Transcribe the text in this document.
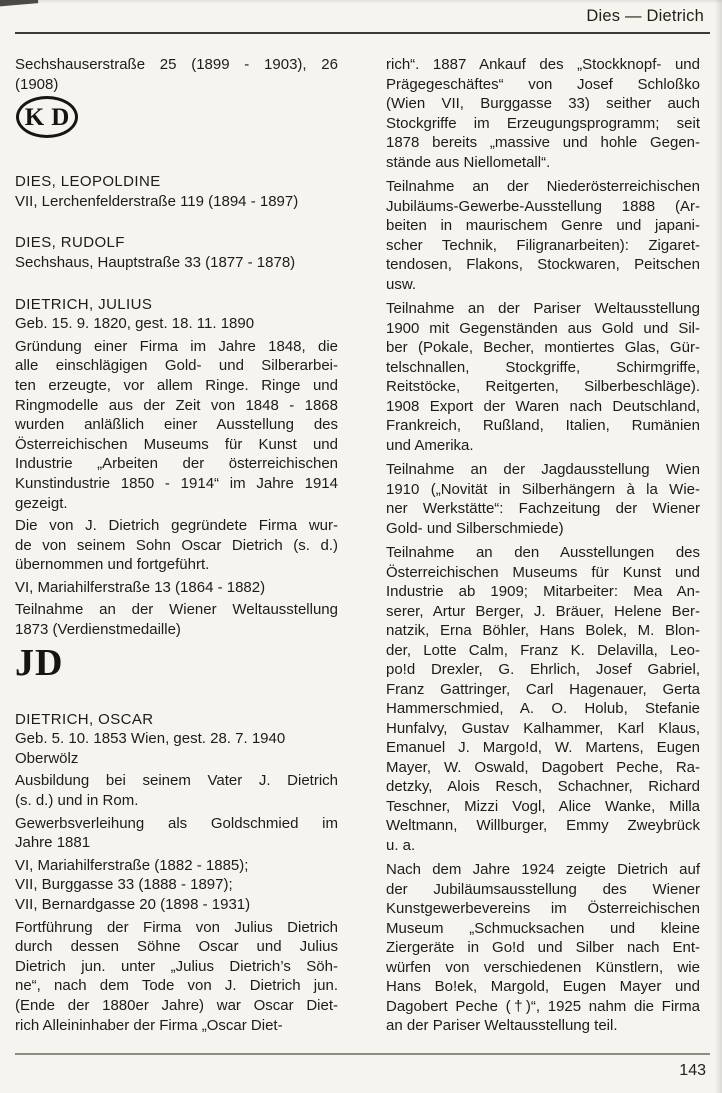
Dies — Dietrich
Sechshauserstraße 25 (1899 - 1903), 26
(1908)
KD
DIES, LEOPOLDINE
VII, Lerchenfelderstraße 119 (1894 - 1897)
DIES, RUDOLF
Sechshaus, Hauptstraße 33 (1877 - 1878)
DIETRICH, JULIUS
Geb. 15. 9. 1820, gest. 18. 11. 1890
Gründung einer Firma im Jahre 1848, die
alle einschlägigen Gold- und Silberarbei-
ten erzeugte, vor allem Ringe. Ringe und
Ringmodelle aus der Zeit von 1848 - 1868
wurden anläßlich einer Ausstellung des
Österreichischen Museums für Kunst und
Industrie „Arbeiten der österreichischen
Kunstindustrie 1850 - 1914“ im Jahre 1914
gezeigt.
Die von J. Dietrich gegründete Firma wur-
de von seinem Sohn Oscar Dietrich (s. d.)
übernommen und fortgeführt.
VI, Mariahilferstraße 13 (1864 - 1882)
Teilnahme an der Wiener Weltausstellung
1873 (Verdienstmedaille)
JD
DIETRICH, OSCAR
Geb. 5. 10. 1853 Wien, gest. 28. 7. 1940
Oberwölz
Ausbildung bei seinem Vater J. Dietrich
(s. d.) und in Rom.
Gewerbsverleihung als Goldschmied im
Jahre 1881
VI, Mariahilferstraße (1882 - 1885);
VII, Burggasse 33 (1888 - 1897);
VII, Bernardgasse 20 (1898 - 1931)
Fortführung der Firma von Julius Dietrich
durch dessen Söhne Oscar und Julius
Dietrich jun. unter „Julius Dietrich’s Söh-
ne“, nach dem Tode von J. Dietrich jun.
(Ende der 1880er Jahre) war Oscar Diet-
rich Alleininhaber der Firma „Oscar Diet-
rich“. 1887 Ankauf des „Stockknopf- und
Prägegeschäftes“ von Josef Schloßko
(Wien VII, Burggasse 33) seither auch
Stockgriffe im Erzeugungsprogramm; seit
1878 bereits „massive und hohle Gegen-
stände aus Niellometall“.
Teilnahme an der Niederösterreichischen
Jubiläums-Gewerbe-Ausstellung 1888 (Ar-
beiten in maurischem Genre und japani-
scher Technik, Filigranarbeiten): Zigaret-
tendosen, Flakons, Stockwaren, Peitschen
usw.
Teilnahme an der Pariser Weltausstellung
1900 mit Gegenständen aus Gold und Sil-
ber (Pokale, Becher, montiertes Glas, Gür-
telschnallen, Stockgriffe, Schirmgriffe,
Reitstöcke, Reitgerten, Silberbeschläge).
1908 Export der Waren nach Deutschland,
Frankreich, Rußland, Italien, Rumänien
und Amerika.
Teilnahme an der Jagdausstellung Wien
1910 („Novität in Silberhängern à la Wie-
ner Werkstätte“: Fachzeitung der Wiener
Gold- und Silberschmiede)
Teilnahme an den Ausstellungen des
Österreichischen Museums für Kunst und
Industrie ab 1909; Mitarbeiter: Mea An-
serer, Artur Berger, J. Bräuer, Helene Ber-
natzik, Erna Böhler, Hans Bolek, M. Blon-
der, Lotte Calm, Franz K. Delavilla, Leo-
po!d Drexler, G. Ehrlich, Josef Gabriel,
Franz Gattringer, Carl Hagenauer, Gerta
Hammerschmied, A. O. Holub, Stefanie
Hunfalvy, Gustav Kalhammer, Karl Klaus,
Emanuel J. Margo!d, W. Martens, Eugen
Mayer, W. Oswald, Dagobert Peche, Ra-
detzky, Alois Resch, Schachner, Richard
Teschner, Mizzi Vogl, Alice Wanke, Milla
Weltmann, Willburger, Emmy Zweybrück
u. a.
Nach dem Jahre 1924 zeigte Dietrich auf
der Jubiläumsausstellung des Wiener
Kunstgewerbevereins im Österreichischen
Museum „Schmucksachen und kleine
Ziergeräte in Go!d und Silber nach Ent-
würfen von verschiedenen Künstlern, wie
Hans Bo!ek, Margold, Eugen Mayer und
Dagobert Peche (†)“, 1925 nahm die Firma
an der Pariser Weltausstellung teil.
143
